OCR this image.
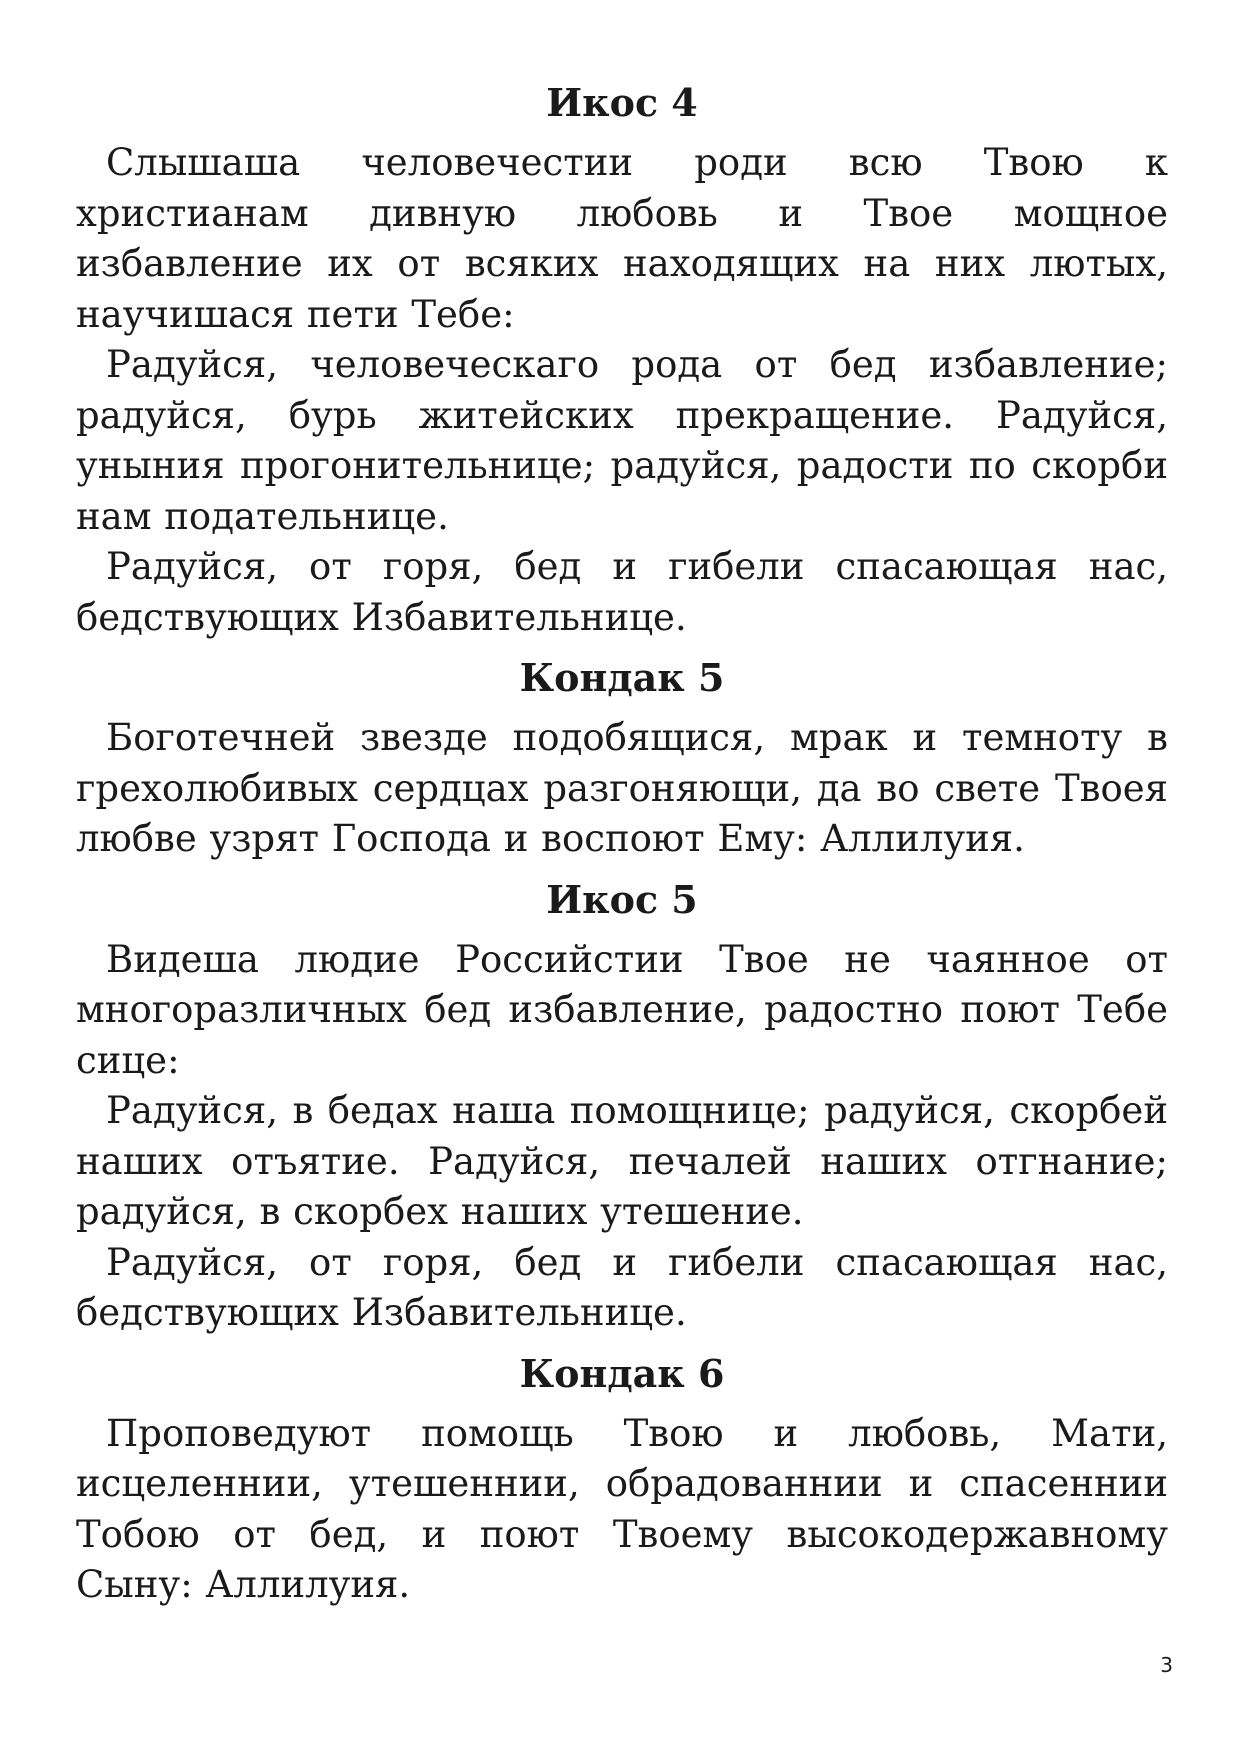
Икос 4

Слышаша человечестии роди всю Твою к христианам дивную любовь и Твое мощное избавление их от всяких находящих на них лютых, научишася пети Тебе:

Радуйся, человеческаго рода от бед избавление; радуйся, бурь житейских прекращение. Радуйся, уныния прогонительнице; радуйся, радости по скорби нам подательнице.

Радуйся, от горя, бед и гибели спасающая нас, бедствующих Избавительнице.

Кондак 5

Боготечней звезде подобящися, мрак и темноту в грехолюбивых сердцах разгоняющи, да во свете Твоея любве узрят Господа и воспоют Ему: Аллилуия.

Икос 5

Видеша людие Российстии Твое не чаянное от многоразличных бед избавление, радостно поют Тебе сице:

Радуйся, в бедах наша помощнице; радуйся, скорбей наших отъятие. Радуйся, печалей наших отгнание; радуйся, в скорбех наших утешение.

Радуйся, от горя, бед и гибели спасающая нас, бедствующих Избавительнице.

Кондак 6

Проповедуют помощь Твою и любовь, Мати, исцеленнии, утешеннии, обрадованнии и спасеннии Тобою от бед, и поют Твоему высокодержавному Сыну: Аллилуия.

3
